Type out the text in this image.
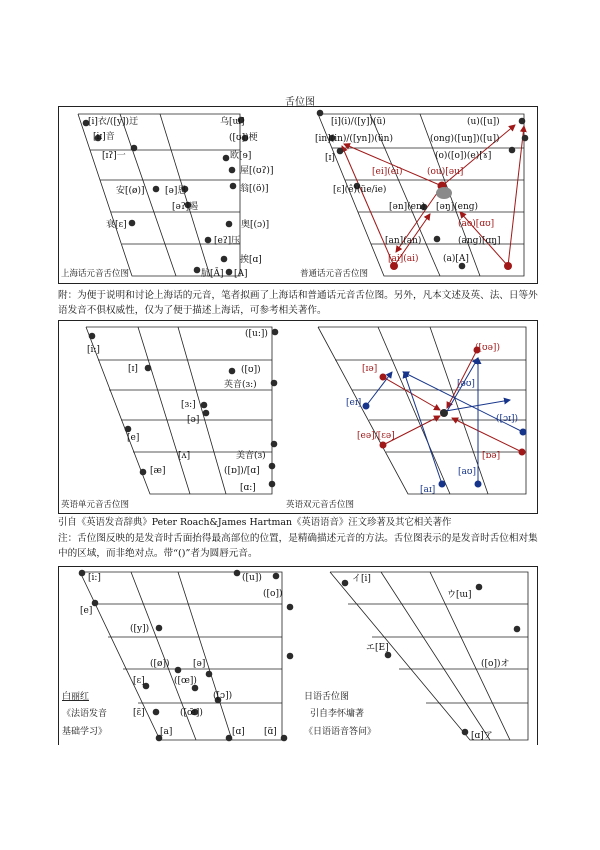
舌位图

附：为便于说明和讨论上海话的元音，笔者拟画了上海话和普通话元音舌位图。另外，凡本文述及英、法、日等外语发音不俱权威性，仅为了便于描述上海话，可参考相关著作。

引自《英语发音辞典》Peter Roach&James Hartman《英语语音》汪文珍著及其它相关著作

注：舌位图反映的是发音时舌面抬得最高部位的位置，是精确描述元音的方法。舌位图表示的是发音时舌位相对集中的区域，而非绝对点。带“()”者为圆唇元音。

[i]衣/([y])迂	乌[ɯ]
[iɪ]音	([ʊ])梗
[ɪʔ]一	欧[ɘ]
屋[(ʊʔ)]
安[(ø)] [ə]恩	翁[(ö)]
[əʔ]遏
衰[ɛ]	奥[(ɔ)]
[eʔ]压
挨[ɑ]
肮[Ā] [A]
上海话元音舌位图
[i](i)/([y])(ü)	(u)([u])
[in](in)/([yn])(ün)	(ong)([uŋ])([u])
[ɪ]	(o)([o])(e)[ɤ]
[ɛ](ê)(üe/ie)
[ei](ei)	(ou)[əu]
[ən](en) [əŋ](eng)
(ao)[ɑʊ]
[an](an)	(ang)[ɑŋ]
[ai](ai)	(a)[A]
普通话元音舌位图
([u:])
[i:]
[ɪ]	([ʊ])
英音(ɜ:)
[ɜ:]
[ə]
[e]
[ʌ]	美音(ɜ)
[æ]	([ɒ])/[ɑ]
[ɑ:]
英语单元音舌位图
([ʊə])
[ɪə]
[əʊ]
[eɪ]
([ɔɪ])
[eə]/[ɛə]
[ɒə]
[aʊ]
[aɪ]
英语双元音舌位图
[i:]	([u])
[e]
([o])
([y])
([ø])	[ə]
[ɛ]	([œ])
([ɔ])
[ɛ̃]	([œ̃])
[a]	[ɑ] [ɑ̃]
白丽红
《法语发音
基础学习》
イ[i]
ウ[ɯ]
エ[E]
([o])オ
[ɑ]ア
日语舌位图
引自李怀墉著
《日语语音答问》
